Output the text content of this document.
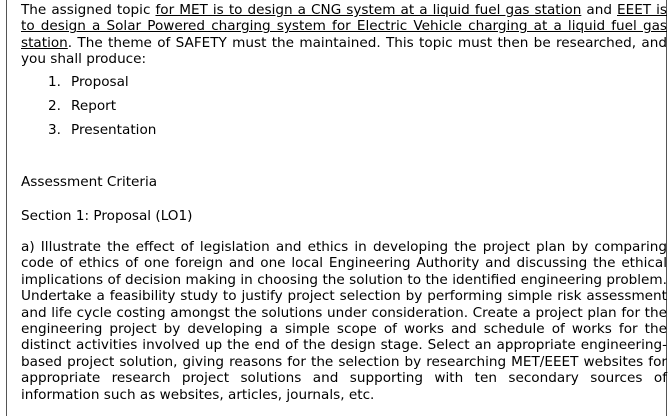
The assigned topic for MET is to design a CNG system at a liquid fuel gas station and EEET is to design a Solar Powered charging system for Electric Vehicle charging at a liquid fuel gas station. The theme of SAFETY must the maintained. This topic must then be researched, and you shall produce:

1. Proposal
2. Report
3. Presentation
Assessment Criteria
Section 1: Proposal (LO1)

a) Illustrate the effect of legislation and ethics in developing the project plan by comparing code of ethics of one foreign and one local Engineering Authority and discussing the ethical implications of decision making in choosing the solution to the identified engineering problem. Undertake a feasibility study to justify project selection by performing simple risk assessment and life cycle costing amongst the solutions under consideration. Create a project plan for the engineering project by developing a simple scope of works and schedule of works for the distinct activities involved up the end of the design stage. Select an appropriate engineering-based project solution, giving reasons for the selection by researching MET/EEET websites for appropriate research project solutions and supporting with ten secondary sources of information such as websites, articles, journals, etc.
